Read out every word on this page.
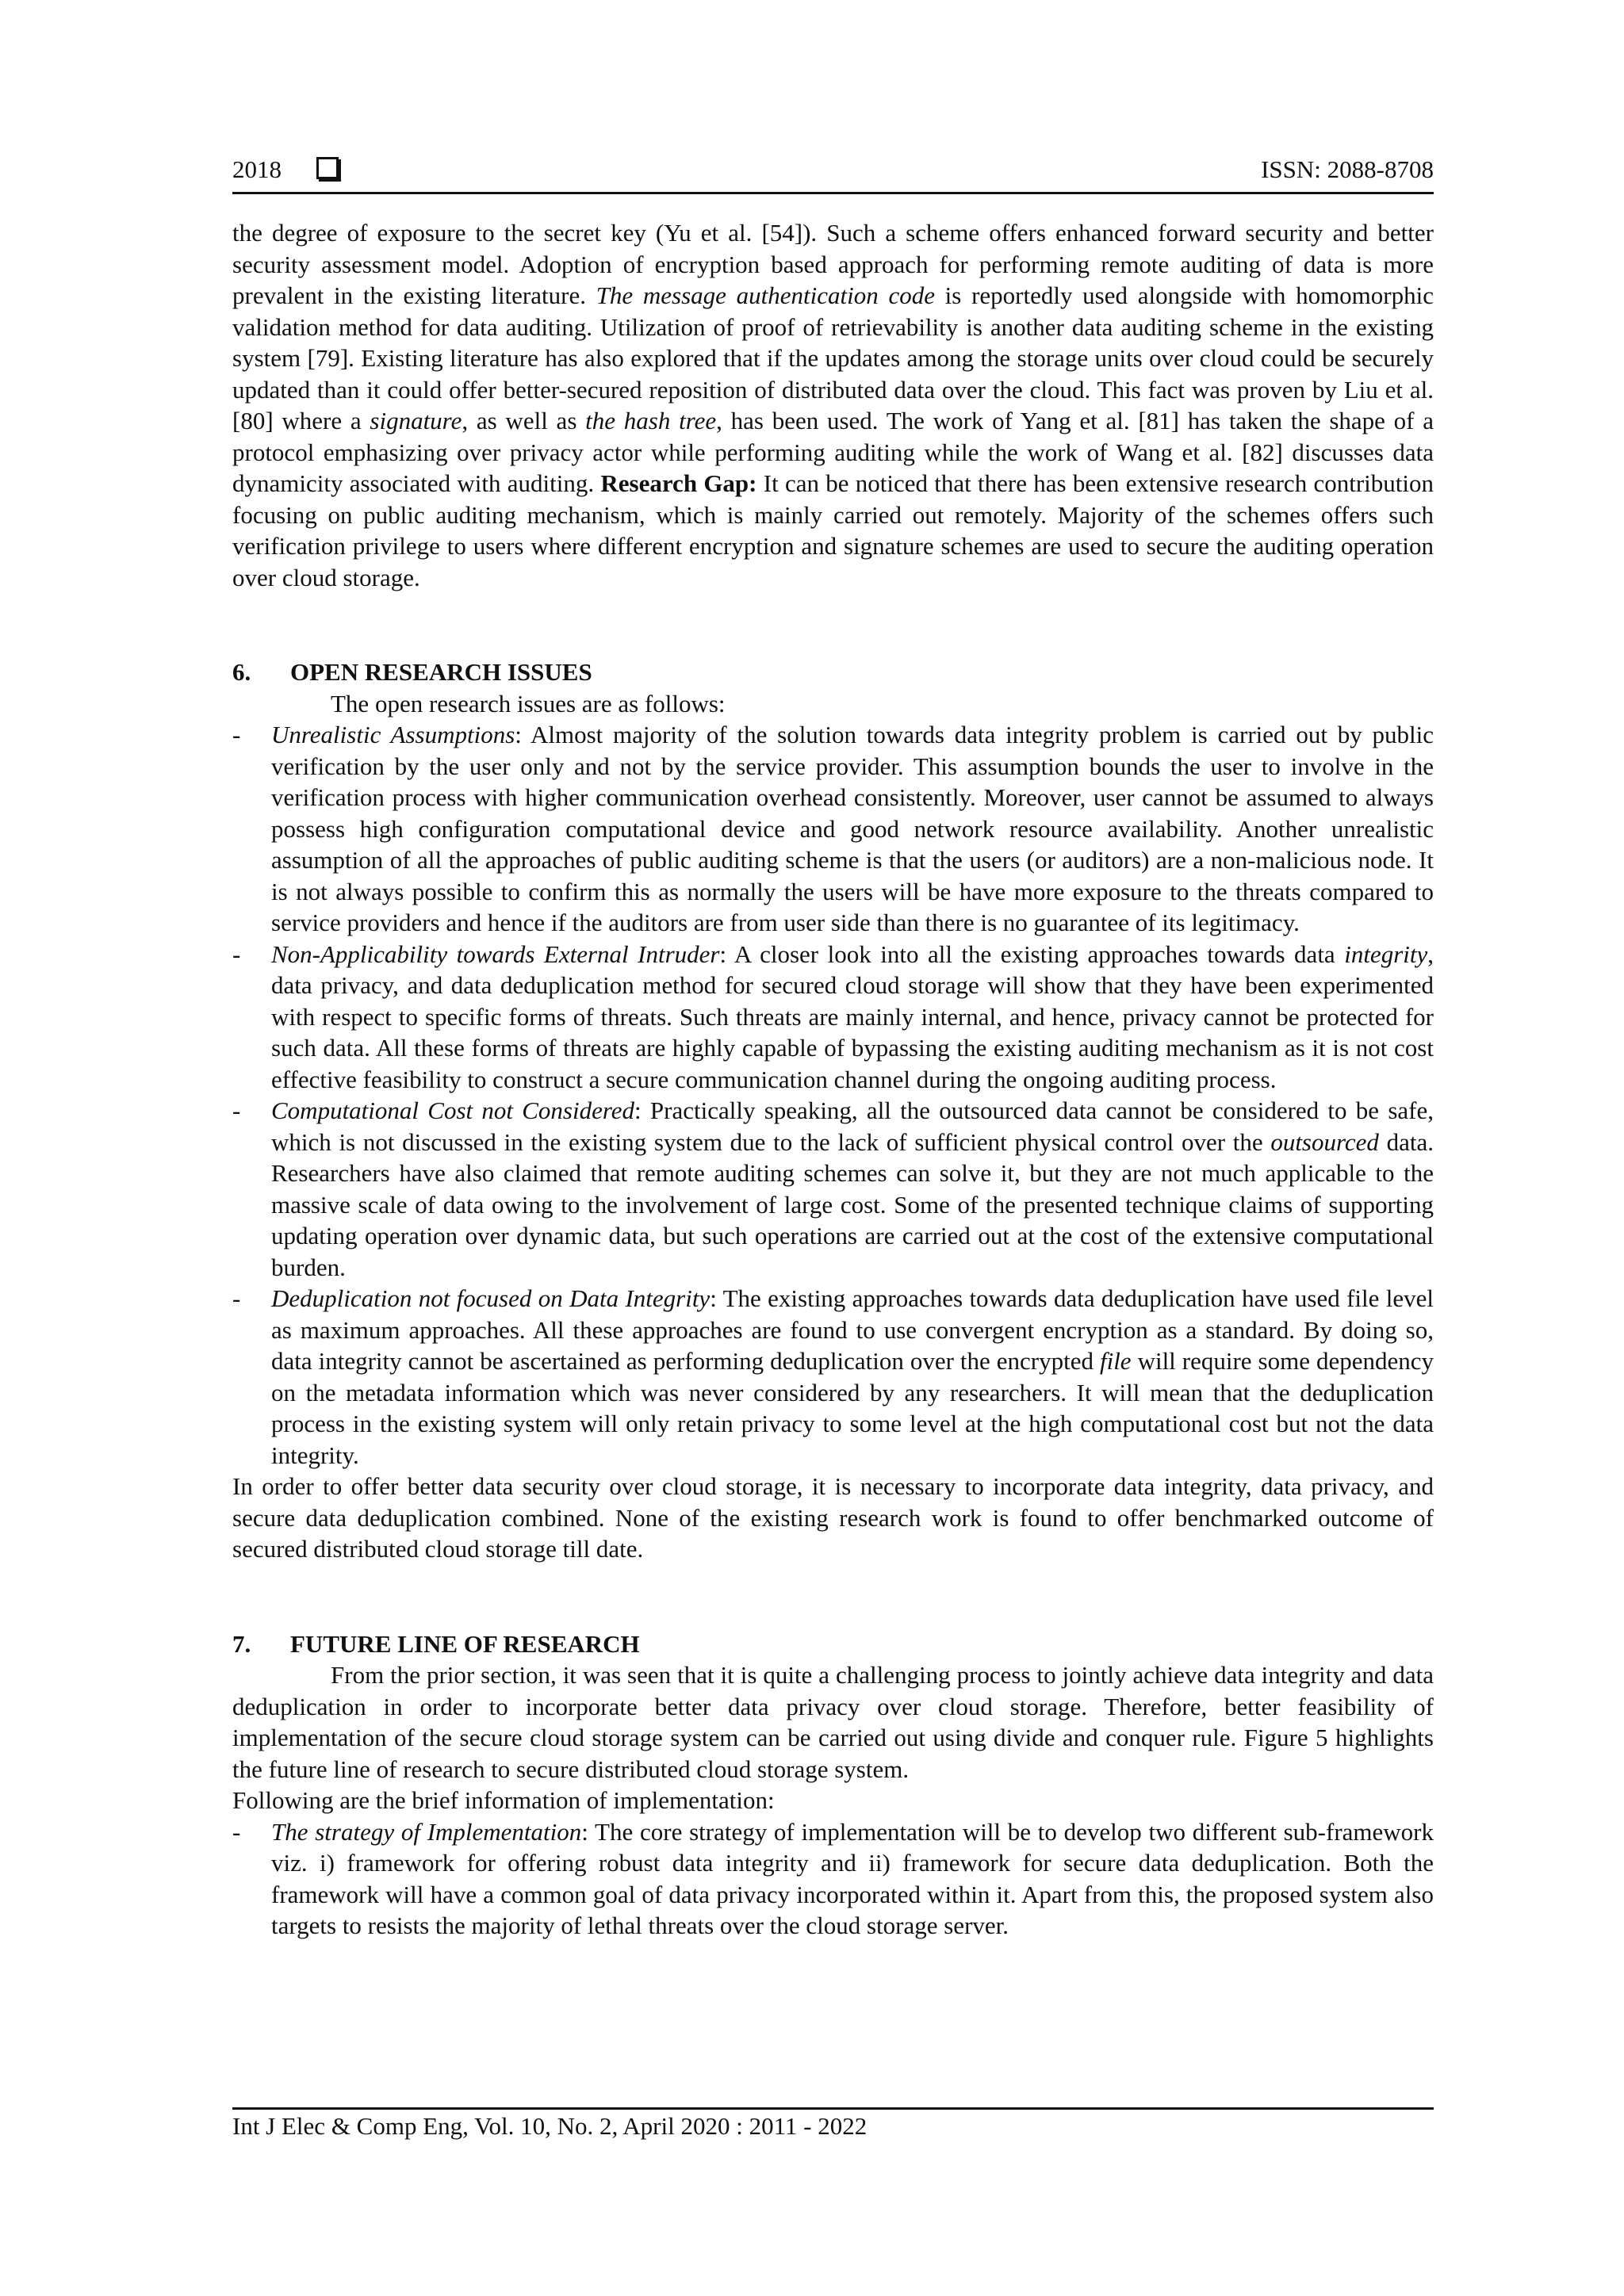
2018	ISSN: 2088-8708

the degree of exposure to the secret key (Yu et al. [54]). Such a scheme offers enhanced forward security and better security assessment model. Adoption of encryption based approach for performing remote auditing of data is more prevalent in the existing literature. The message authentication code is reportedly used alongside with homomorphic validation method for data auditing. Utilization of proof of retrievability is another data auditing scheme in the existing system [79]. Existing literature has also explored that if the updates among the storage units over cloud could be securely updated than it could offer better-secured reposition of distributed data over the cloud. This fact was proven by Liu et al. [80] where a signature, as well as the hash tree, has been used. The work of Yang et al. [81] has taken the shape of a protocol emphasizing over privacy actor while performing auditing while the work of Wang et al. [82] discusses data dynamicity associated with auditing. Research Gap: It can be noticed that there has been extensive research contribution focusing on public auditing mechanism, which is mainly carried out remotely. Majority of the schemes offers such verification privilege to users where different encryption and signature schemes are used to secure the auditing operation over cloud storage.

6. OPEN RESEARCH ISSUES

The open research issues are as follows:

- Unrealistic Assumptions: Almost majority of the solution towards data integrity problem is carried out by public verification by the user only and not by the service provider. This assumption bounds the user to involve in the verification process with higher communication overhead consistently. Moreover, user cannot be assumed to always possess high configuration computational device and good network resource availability. Another unrealistic assumption of all the approaches of public auditing scheme is that the users (or auditors) are a non-malicious node. It is not always possible to confirm this as normally the users will be have more exposure to the threats compared to service providers and hence if the auditors are from user side than there is no guarantee of its legitimacy.
- Non-Applicability towards External Intruder: A closer look into all the existing approaches towards data integrity, data privacy, and data deduplication method for secured cloud storage will show that they have been experimented with respect to specific forms of threats. Such threats are mainly internal, and hence, privacy cannot be protected for such data. All these forms of threats are highly capable of bypassing the existing auditing mechanism as it is not cost effective feasibility to construct a secure communication channel during the ongoing auditing process.
- Computational Cost not Considered: Practically speaking, all the outsourced data cannot be considered to be safe, which is not discussed in the existing system due to the lack of sufficient physical control over the outsourced data. Researchers have also claimed that remote auditing schemes can solve it, but they are not much applicable to the massive scale of data owing to the involvement of large cost. Some of the presented technique claims of supporting updating operation over dynamic data, but such operations are carried out at the cost of the extensive computational burden.
- Deduplication not focused on Data Integrity: The existing approaches towards data deduplication have used file level as maximum approaches. All these approaches are found to use convergent encryption as a standard. By doing so, data integrity cannot be ascertained as performing deduplication over the encrypted file will require some dependency on the metadata information which was never considered by any researchers. It will mean that the deduplication process in the existing system will only retain privacy to some level at the high computational cost but not the data integrity.

In order to offer better data security over cloud storage, it is necessary to incorporate data integrity, data privacy, and secure data deduplication combined. None of the existing research work is found to offer benchmarked outcome of secured distributed cloud storage till date.

7. FUTURE LINE OF RESEARCH

From the prior section, it was seen that it is quite a challenging process to jointly achieve data integrity and data deduplication in order to incorporate better data privacy over cloud storage. Therefore, better feasibility of implementation of the secure cloud storage system can be carried out using divide and conquer rule. Figure 5 highlights the future line of research to secure distributed cloud storage system.

Following are the brief information of implementation:

- The strategy of Implementation: The core strategy of implementation will be to develop two different sub-framework viz. i) framework for offering robust data integrity and ii) framework for secure data deduplication. Both the framework will have a common goal of data privacy incorporated within it. Apart from this, the proposed system also targets to resists the majority of lethal threats over the cloud storage server.
Int J Elec & Comp Eng, Vol. 10, No. 2, April 2020 : 2011 - 2022
